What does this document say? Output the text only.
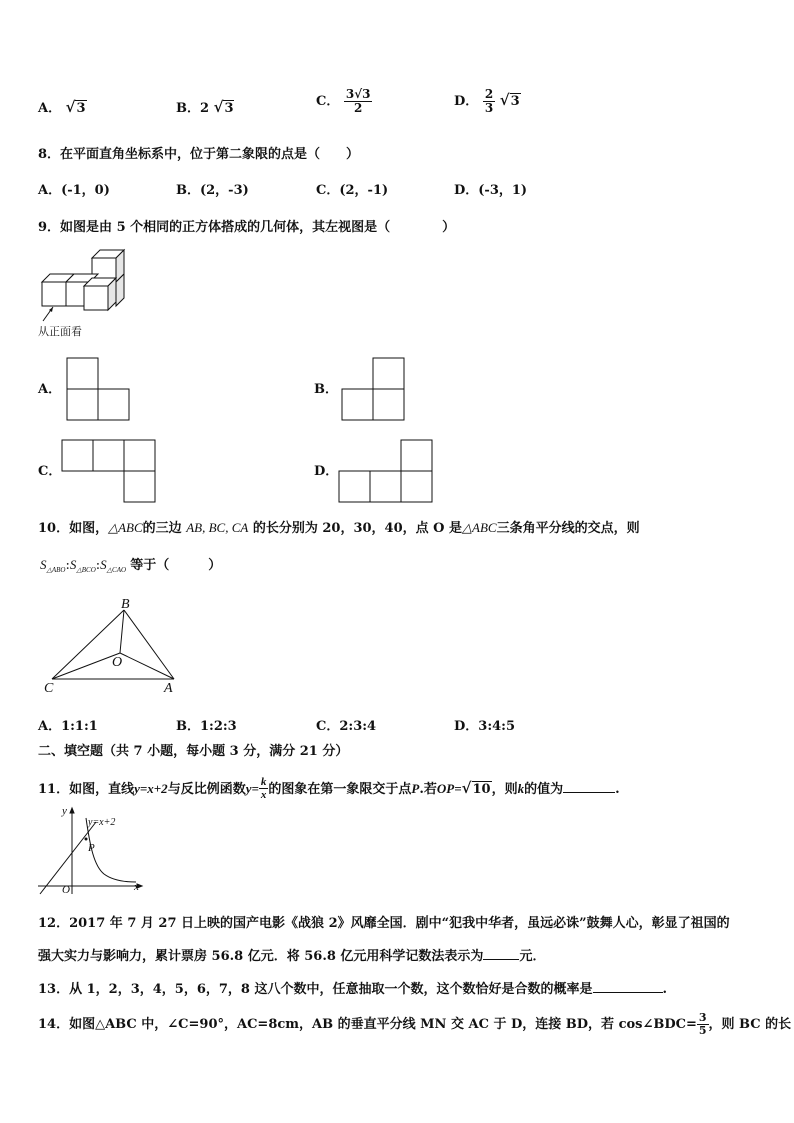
A． √3	B．2 √3	C． $\frac{3√3}{2}$	D． $\frac{2}{3} √3$
8．在平面直角坐标系中，位于第二象限的点是（　　）
A．(-1，0)	B．(2，-3)	C．(2，-1)	D．(-3，1)
9．如图是由 5 个相同的正方体搭成的几何体，其左视图是（　　　　）
从正面看
A．	B．
C．	D．
10．如图，△ABC的三边 AB, BC, CA 的长分别为 20，30，40，点 O 是△ABC三条角平分线的交点，则
$S_{\triangle ABO}:S_{\triangle BCO}:S_{\triangle CAO}$ 等于（　　　）
B
O
C	A
A．1:1:1	B．1:2:3	C．2:3:4	D．3:4:5
二、填空题（共 7 小题，每小题 3 分，满分 21 分）
11．如图，直线y=x+2与反比例函数$y= \frac{k}{x}$ 的图象在第一象限交于点P.若OP=√10，则k的值为	.
y
y=x+2
P
O	x
12．2017 年 7 月 27 日上映的国产电影《战狼 2》风靡全国．剧中“犯我中华者，虽远必诛”鼓舞人心，彰显了祖国的
强大实力与影响力，累计票房 56.8 亿元．将 56.8 亿元用科学记数法表示为	元．
13．从 1，2，3，4，5，6，7，8 这八个数中，任意抽取一个数，这个数恰好是合数的概率是	.
14．如图△ABC 中，∠C=90°，AC=8cm，AB 的垂直平分线 MN 交 AC 于 D，连接 BD，若 cos∠BDC= $\frac{3}{5}$ ，则 BC 的长
